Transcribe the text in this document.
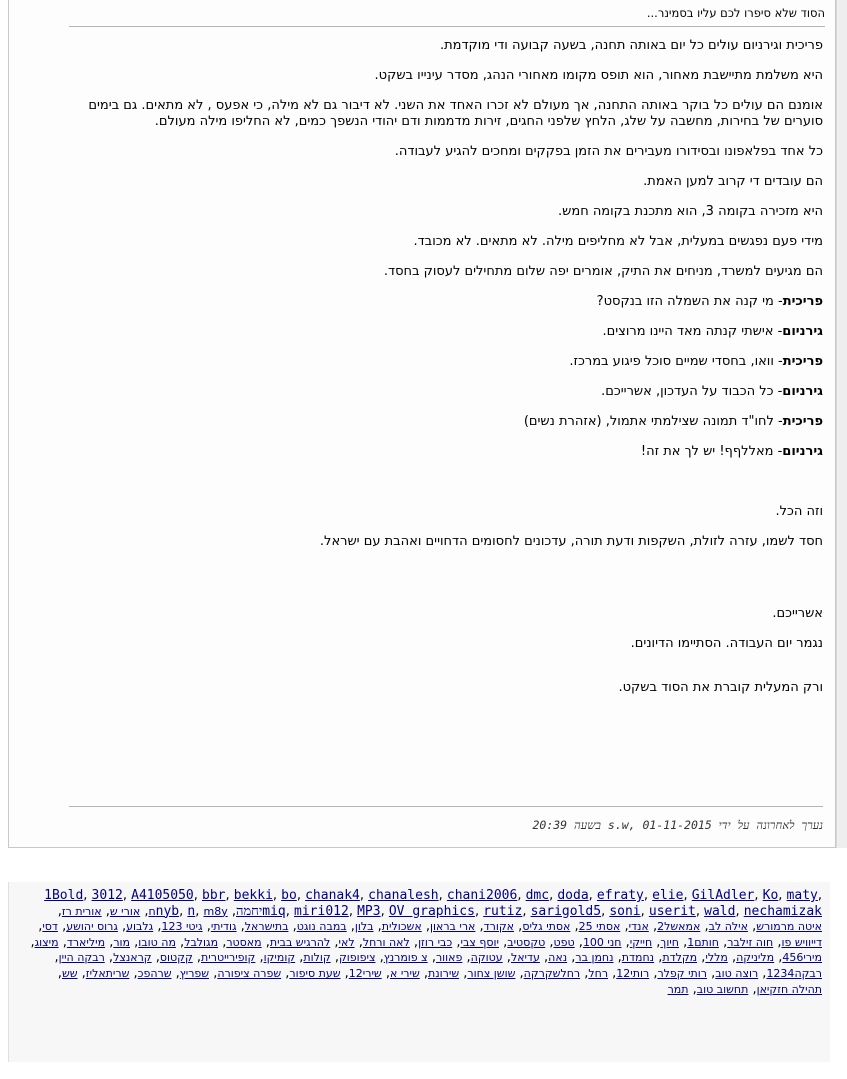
הסוד שלא סיפרו לכם עליו בסמינר...

פריכית וגירניום עולים כל יום באותה תחנה, בשעה קבועה ודי מוקדמת.

היא משלמת מתיישבת מאחור, הוא תופס מקומו מאחורי הנהג, מסדר עינייו בשקט.

אומנם הם עולים כל בוקר באותה התחנה, אך מעולם לא זכרו האחד את השני. לא דיבור גם לא מילה, כי אפעס , לא מתאים. גם בימים סוערים של בחירות, מחשבה על שלג, הלחץ שלפני החגים, זירות מדממות ודם יהודי הנשפך כמים, לא החליפו מילה מעולם.

כל אחד בפלאפונו ובסידורו מעבירים את הזמן בפקקים ומחכים להגיע לעבודה.

הם עובדים די קרוב למען האמת.

היא מזכירה בקומה 3, הוא מתכנת בקומה חמש.

מידי פעם נפגשים במעלית, אבל לא מחליפים מילה. לא מתאים. לא מכובד.

הם מגיעים למשרד, מניחים את התיק, אומרים יפה שלום מתחילים לעסוק בחסד.

פריכית- מי קנה את השמלה הזו בנקסט?

גירניום- אישתי קנתה מאד היינו מרוצים.

פריכית- וואו, בחסדי שמיים סוכל פיגוע במרכז.

גירניום- כל הכבוד על העדכון, אשרייכם.

פריכית- לחו"ד תמונה שצילמתי אתמול, (אזהרת נשים)

גירניום- מאללףף! יש לך את זה!

וזה הכל.

חסד לשמו, עזרה לזולת, השקפות ודעת תורה, עדכונים לחסומים הדחויים ואהבת עם ישראל.

אשרייכם.

נגמר יום העבודה. הסתיימו הדיונים.

ורק המעלית קוברת את הסוד בשקט.

נערך לאחרונה על ידי s.w, 01-11-2015 בשעה 20:39
1Bold, 3012, A4105050, bbr, bekki, bo, chanak4, chanalesh, chani2006, dmc, doda, efraty, elie, GilAdler, Ko, maty, miq, miri012, MP3, OV graphics, rutiz, sarigold5, soni, userit, wald, nechamizak‏יחמה, nyb, n, m8yח, אורי ש, אורית רז, איטה מרמורש, אילה לב, אמאשל2, אנדי, אסתי 25, אסתי גליס, אקורד, ארי בראון, אשכולית, בלון, במבה נוגט, בתישראל, גודיתי, גיטי 123, גלבוע, גרוס יהושע, דסי, דייוויש פו, חוה זילבר, חותם1, חיוך, חייקי, חני 100, טפט, טקסטיב, יוסף צבי, כבי רוזן, לאה ורחל, לאי, להרגיש בבית, מאסטר, מגולבל, מה טובו, מור, מיליארד, מיצוג, מירי456, מליניקה, מללי, מקלדת, נחמדת, נחמן בר, נאה, עדיאל, עטוקה, פאוור, צ פומרנץ, ציפופוק, קולות, קומיקו, קופירייטרית, קקטוס, קראנצל, רבקה היין, רבקה1234, רוצה טוב, רותי קפלר, רותי12, רחל, רחלשקרקה, שושן צחור, שירונת, שירי א, שירי12, שעת סיפור, שפרה ציפורה, שפריץ, שרהפכ, שריתאליז, שש, תהילה חזקיאן, תחשוב טוב, תמר
